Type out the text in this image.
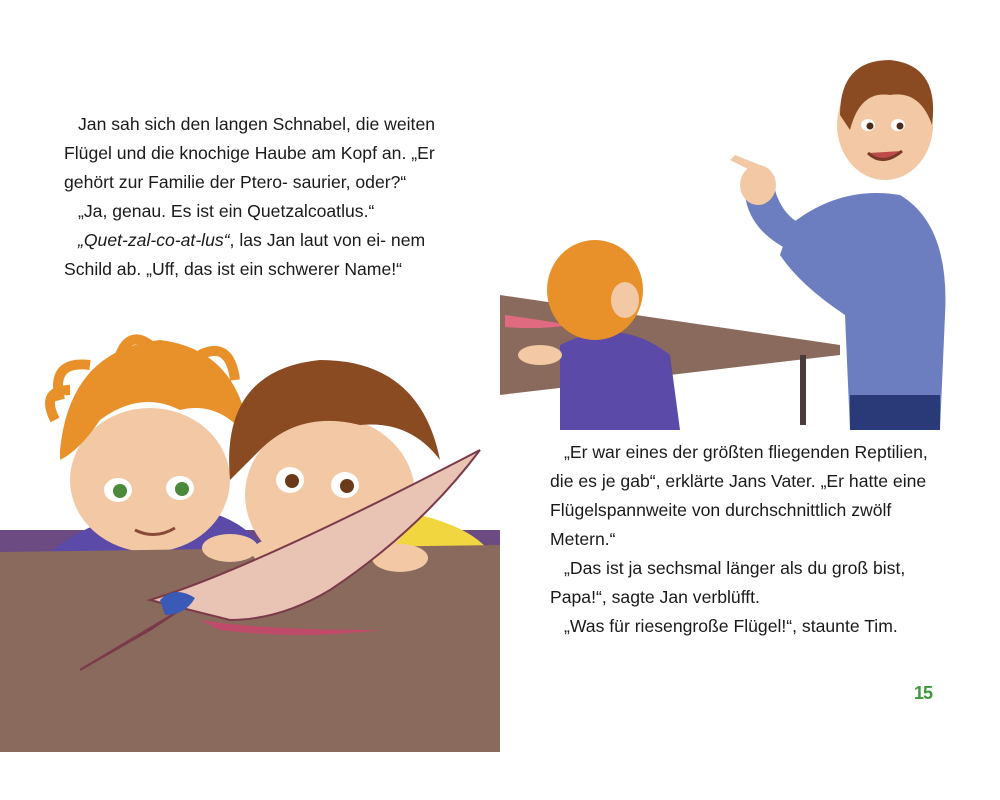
Jan sah sich den langen Schnabel, die weiten Flügel und die knochige Haube am Kopf an. „Er gehört zur Familie der Ptero- saurier, oder?“

„Ja, genau. Es ist ein Quetzalcoatlus.“

„Quet-zal-co-at-lus“, las Jan laut von ei- nem Schild ab. „Uff, das ist ein schwerer Name!“

„Er war eines der größten fliegenden Reptilien, die es je gab“, erklärte Jans Vater. „Er hatte eine Flügelspannweite von durchschnittlich zwölf Metern.“

„Das ist ja sechsmal länger als du groß bist, Papa!“, sagte Jan verblüfft.

„Was für riesengroße Flügel!“, staunte Tim.

15
